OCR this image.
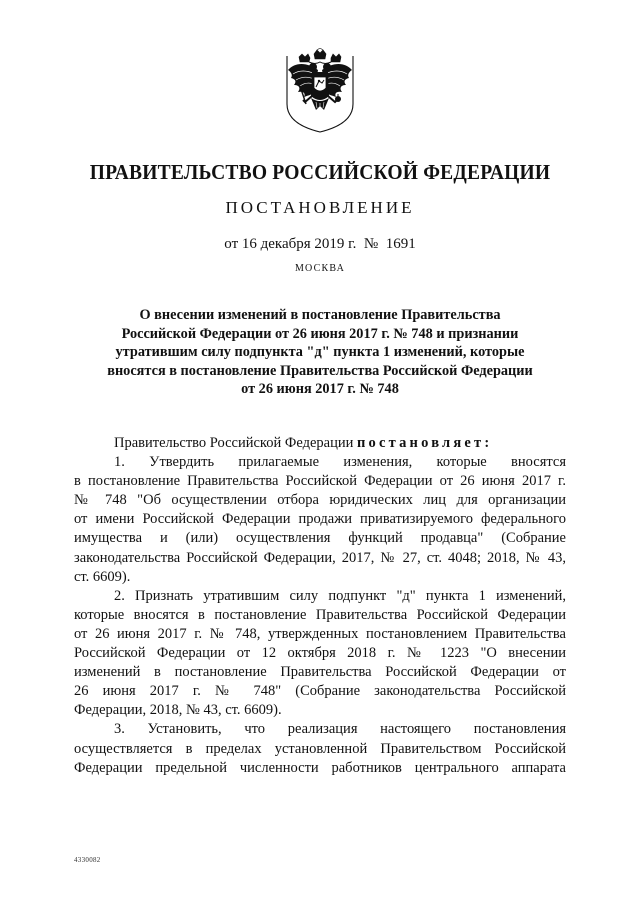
ПРАВИТЕЛЬСТВО РОССИЙСКОЙ ФЕДЕРАЦИИ
ПОСТАНОВЛЕНИЕ
от 16 декабря 2019 г.  №  1691
МОСКВА
О внесении изменений в постановление Правительства
Российской Федерации от 26 июня 2017 г. № 748 и признании
утратившим силу подпункта "д" пункта 1 изменений, которые
вносятся в постановление Правительства Российской Федерации
от 26 июня 2017 г. № 748
Правительство Российской Федерации постановляет:
1. Утвердить прилагаемые изменения, которые вносятся
в постановление Правительства Российской Федерации от 26 июня 2017 г.
№ 748 "Об осуществлении отбора юридических лиц для организации
от имени Российской Федерации продажи приватизируемого федерального
имущества и (или) осуществления функций продавца" (Собрание
законодательства Российской Федерации, 2017, № 27, ст. 4048; 2018, № 43,
ст. 6609).
2. Признать утратившим силу подпункт "д" пункта 1 изменений,
которые вносятся в постановление Правительства Российской Федерации
от 26 июня 2017 г. № 748, утвержденных постановлением Правительства
Российской Федерации от 12 октября 2018 г. № 1223 "О внесении
изменений в постановление Правительства Российской Федерации от
26 июня 2017 г. № 748" (Собрание законодательства Российской
Федерации, 2018, № 43, ст. 6609).
3. Установить, что реализация настоящего постановления
осуществляется в пределах установленной Правительством Российской
Федерации предельной численности работников центрального аппарата
4330082
